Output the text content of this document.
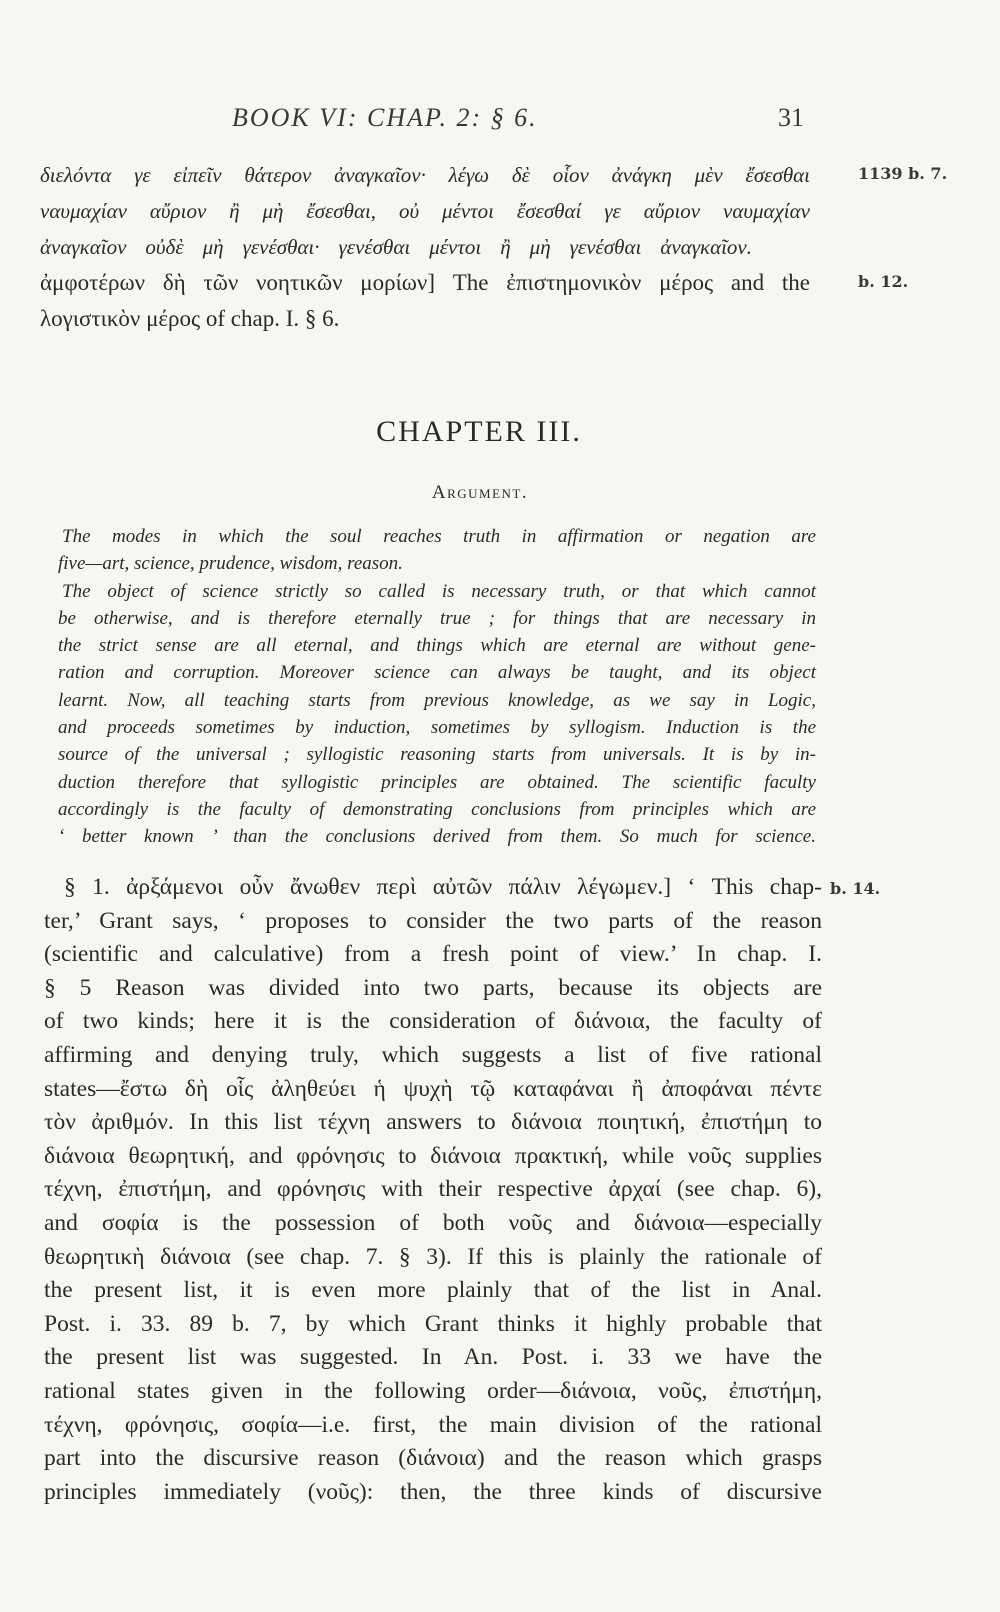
BOOK VI: CHAP. 2: § 6.	31
διελόντα γε εἰπεῖν θάτερον ἀναγκαῖον· λέγω δὲ οἷον ἀνάγκη μὲν ἔσεσθαι
ναυμαχίαν αὔριον ἢ μὴ ἔσεσθαι, οὐ μέντοι ἔσεσθαί γε αὔριον ναυμαχίαν
ἀναγκαῖον οὐδὲ μὴ γενέσθαι· γενέσθαι μέντοι ἢ μὴ γενέσθαι ἀναγκαῖον.
ἀμφοτέρων δὴ τῶν νοητικῶν μορίων] The ἐπιστημονικὸν μέρος and the
λογιστικὸν μέρος of chap. I. § 6.
1139 b. 7.
b. 12.
CHAPTER III.
Argument.
The modes in which the soul reaches truth in affirmation or negation are
five—art, science, prudence, wisdom, reason.
The object of science strictly so called is necessary truth, or that which cannot
be otherwise, and is therefore eternally true ; for things that are necessary in
the strict sense are all eternal, and things which are eternal are without gene-
ration and corruption. Moreover science can always be taught, and its object
learnt. Now, all teaching starts from previous knowledge, as we say in Logic,
and proceeds sometimes by induction, sometimes by syllogism. Induction is the
source of the universal ; syllogistic reasoning starts from universals. It is by in-
duction therefore that syllogistic principles are obtained. The scientific faculty
accordingly is the faculty of demonstrating conclusions from principles which are
‘ better known ’ than the conclusions derived from them. So much for science.
§ 1. ἀρξάμενοι οὖν ἄνωθεν περὶ αὐτῶν πάλιν λέγωμεν.] ‘ This chap-
ter,’ Grant says, ‘ proposes to consider the two parts of the reason
(scientific and calculative) from a fresh point of view.’ In chap. I.
§ 5 Reason was divided into two parts, because its objects are
of two kinds; here it is the consideration of διάνοια, the faculty of
affirming and denying truly, which suggests a list of five rational
states—ἔστω δὴ οἷς ἀληθεύει ἡ ψυχὴ τῷ καταφάναι ἢ ἀποφάναι πέντε
τὸν ἀριθμόν. In this list τέχνη answers to διάνοια ποιητική, ἐπιστήμη to
διάνοια θεωρητική, and φρόνησις to διάνοια πρακτική, while νοῦς supplies
τέχνη, ἐπιστήμη, and φρόνησις with their respective ἀρχαί (see chap. 6),
and σοφία is the possession of both νοῦς and διάνοια—especially
θεωρητικὴ διάνοια (see chap. 7. § 3). If this is plainly the rationale of
the present list, it is even more plainly that of the list in Anal.
Post. i. 33. 89 b. 7, by which Grant thinks it highly probable that
the present list was suggested. In An. Post. i. 33 we have the
rational states given in the following order—διάνοια, νοῦς, ἐπιστήμη,
τέχνη, φρόνησις, σοφία—i.e. first, the main division of the rational
part into the discursive reason (διάνοια) and the reason which grasps
principles immediately (νοῦς): then, the three kinds of discursive
b. 14.
